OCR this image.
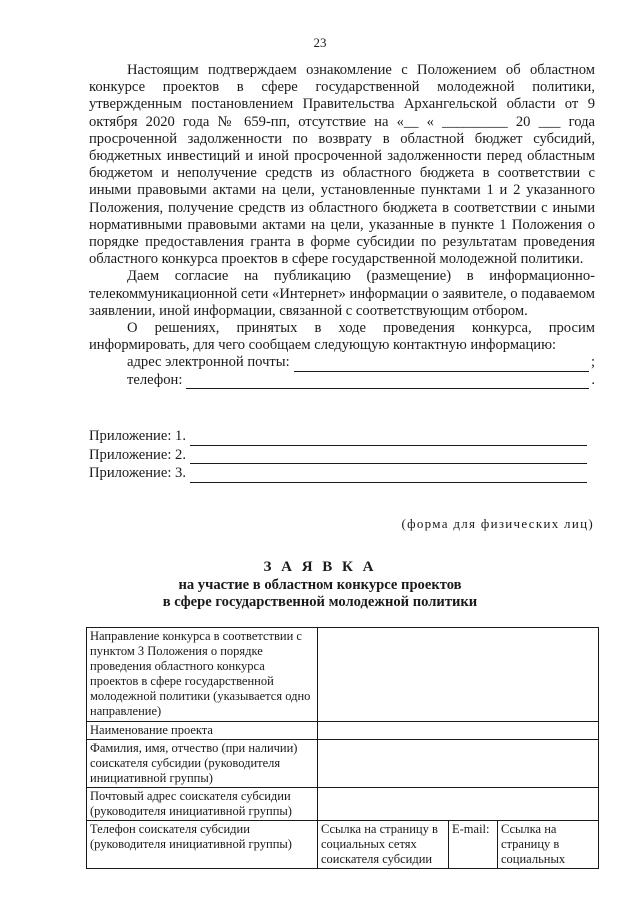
23

Настоящим подтверждаем ознакомление с Положением об областном конкурсе проектов в сфере государственной молодежной политики, утвержденным постановлением Правительства Архангельской области от 9 октября 2020 года № 659-пп, отсутствие на «__ « _________ 20 ___ года просроченной задолженности по возврату в областной бюджет субсидий, бюджетных инвестиций и иной просроченной задолженности перед областным бюджетом и неполучение средств из областного бюджета в соответствии с иными правовыми актами на цели, установленные пунктами 1 и 2 указанного Положения, получение средств из областного бюджета в соответствии с иными нормативными правовыми актами на цели, указанные в пункте 1 Положения о порядке предоставления гранта в форме субсидии по результатам проведения областного конкурса проектов в сфере государственной молодежной политики.

Даем согласие на публикацию (размещение) в информационно-телекоммуникационной сети «Интернет» информации о заявителе, о подаваемом заявлении, иной информации, связанной с соответствующим отбором.

О решениях, принятых в ходе проведения конкурса, просим информировать, для чего сообщаем следующую контактную информацию:

адрес электронной почты:	;
телефон:	.
Приложение: 1.
Приложение: 2.
Приложение: 3.
(форма для физических лиц)
З А Я В К А
на участие в областном конкурсе проектов
в сфере государственной молодежной политики
Направление конкурса в соответствии с пунктом 3 Положения о порядке проведения областного конкурса проектов в сфере государственной молодежной политики (указывается одно направление)			
Наименование проекта			
Фамилия, имя, отчество (при наличии) соискателя субсидии (руководителя инициативной группы)			
Почтовый адрес соискателя субсидии (руководителя инициативной группы)			
Телефон соискателя субсидии (руководителя инициативной группы)	Ссылка на страницу в социальных сетях соискателя субсидии	E-mail:	Ссылка на страницу в социальных
